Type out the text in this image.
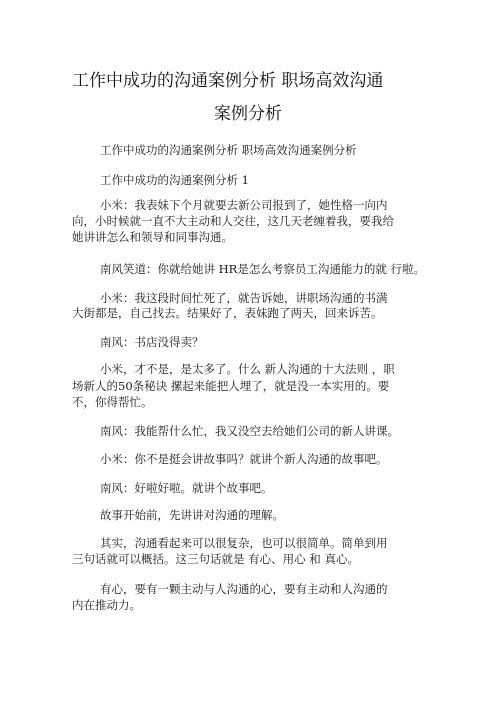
工作中成功的沟通案例分析 职场高效沟通
案例分析
工作中成功的沟通案例分析 职场高效沟通案例分析
工作中成功的沟通案例分析 1
小米：我表妹下个月就要去新公司报到了，她性格一向内
向，小时候就一直不大主动和人交往，这几天老缠着我，要我给
她讲讲怎么和领导和同事沟通。
南风笑道：你就给她讲 HR是怎么考察员工沟通能力的就 行啦。
小米：我这段时间忙死了，就告诉她，讲职场沟通的书满
大街都是，自己找去。结果好了，表妹跑了两天，回来诉苦。
南风：书店没得卖？
小米，才不是，是太多了。什么 新人沟通的十大法则 ，职
场新人的50条秘诀 摞起来能把人埋了，就是没一本实用的。要
不，你得帮忙。
南风：我能帮什么忙，我又没空去给她们公司的新人讲课。
小米：你不是挺会讲故事吗？就讲个新人沟通的故事吧。
南风：好啦好啦。就讲个故事吧。
故事开始前，先讲讲对沟通的理解。
其实，沟通看起来可以很复杂，也可以很简单。简单到用
三句话就可以概括。这三句话就是 有心、用心 和 真心。
有心，要有一颗主动与人沟通的心，要有主动和人沟通的
内在推动力。
